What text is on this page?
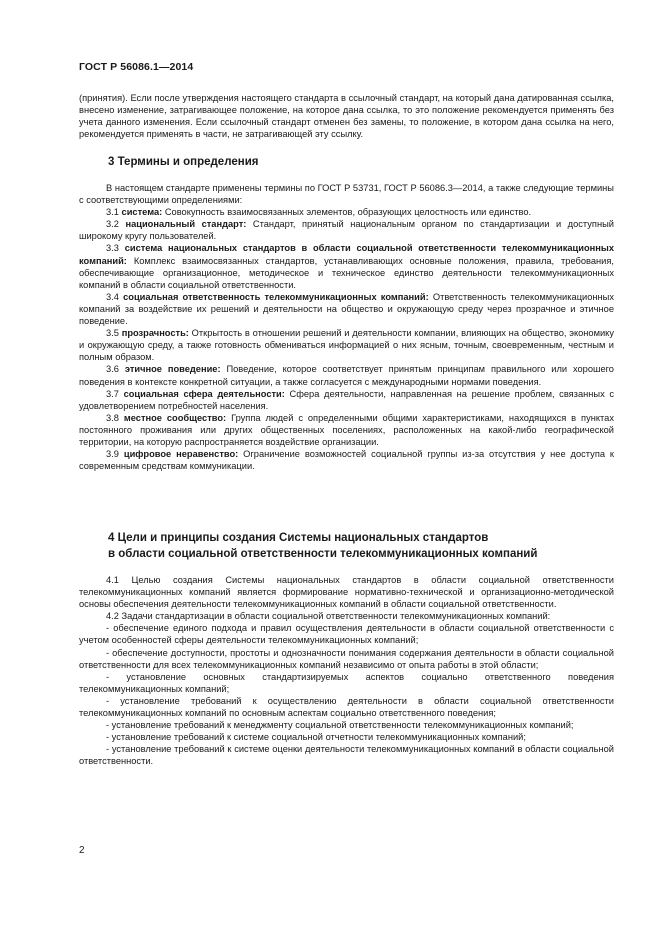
ГОСТ Р 56086.1—2014

(принятия). Если после утверждения настоящего стандарта в ссылочный стандарт, на который дана датированная ссылка, внесено изменение, затрагивающее положение, на которое дана ссылка, то это положение рекомендуется применять без учета данного изменения. Если ссылочный стандарт отменен без замены, то положение, в котором дана ссылка на него, рекомендуется применять в части, не затрагивающей эту ссылку.

3 Термины и определения

В настоящем стандарте применены термины по ГОСТ Р 53731, ГОСТ Р 56086.3—2014, а также следующие термины с соответствующими определениями:

3.1 система: Совокупность взаимосвязанных элементов, образующих целостность или единство.

3.2 национальный стандарт: Стандарт, принятый национальным органом по стандартизации и доступный широкому кругу пользователей.

3.3 система национальных стандартов в области социальной ответственности телекоммуникационных компаний: Комплекс взаимосвязанных стандартов, устанавливающих основные положения, правила, требования, обеспечивающие организационное, методическое и техническое единство деятельности телекоммуникационных компаний в области социальной ответственности.

3.4 социальная ответственность телекоммуникационных компаний: Ответственность телекоммуникационных компаний за воздействие их решений и деятельности на общество и окружающую среду через прозрачное и этичное поведение.

3.5 прозрачность: Открытость в отношении решений и деятельности компании, влияющих на общество, экономику и окружающую среду, а также готовность обмениваться информацией о них ясным, точным, своевременным, честным и полным образом.

3.6 этичное поведение: Поведение, которое соответствует принятым принципам правильного или хорошего поведения в контексте конкретной ситуации, а также согласуется с международными нормами поведения.

3.7 социальная сфера деятельности: Сфера деятельности, направленная на решение проблем, связанных с удовлетворением потребностей населения.

3.8 местное сообщество: Группа людей с определенными общими характеристиками, находящихся в пунктах постоянного проживания или других общественных поселениях, расположенных на какой-либо географической территории, на которую распространяется воздействие организации.

3.9 цифровое неравенство: Ограничение возможностей социальной группы из-за отсутствия у нее доступа к современным средствам коммуникации.

4 Цели и принципы создания Системы национальных стандартов
в области социальной ответственности телекоммуникационных компаний

4.1 Целью создания Системы национальных стандартов в области социальной ответственности телекоммуникационных компаний является формирование нормативно-технической и организационно-методической основы обеспечения деятельности телекоммуникационных компаний в области социальной ответственности.

4.2 Задачи стандартизации в области социальной ответственности телекоммуникационных компаний:

- обеспечение единого подхода и правил осуществления деятельности в области социальной ответственности с учетом особенностей сферы деятельности телекоммуникационных компаний;

- обеспечение доступности, простоты и однозначности понимания содержания деятельности в области социальной ответственности для всех телекоммуникационных компаний независимо от опыта работы в этой области;

- установление основных стандартизируемых аспектов социально ответственного поведения телекоммуникационных компаний;

- установление требований к осуществлению деятельности в области социальной ответственности телекоммуникационных компаний по основным аспектам социально ответственного поведения;

- установление требований к менеджменту социальной ответственности телекоммуникационных компаний;

- установление требований к системе социальной отчетности телекоммуникационных компаний;

- установление требований к системе оценки деятельности телекоммуникационных компаний в области социальной ответственности.

2
